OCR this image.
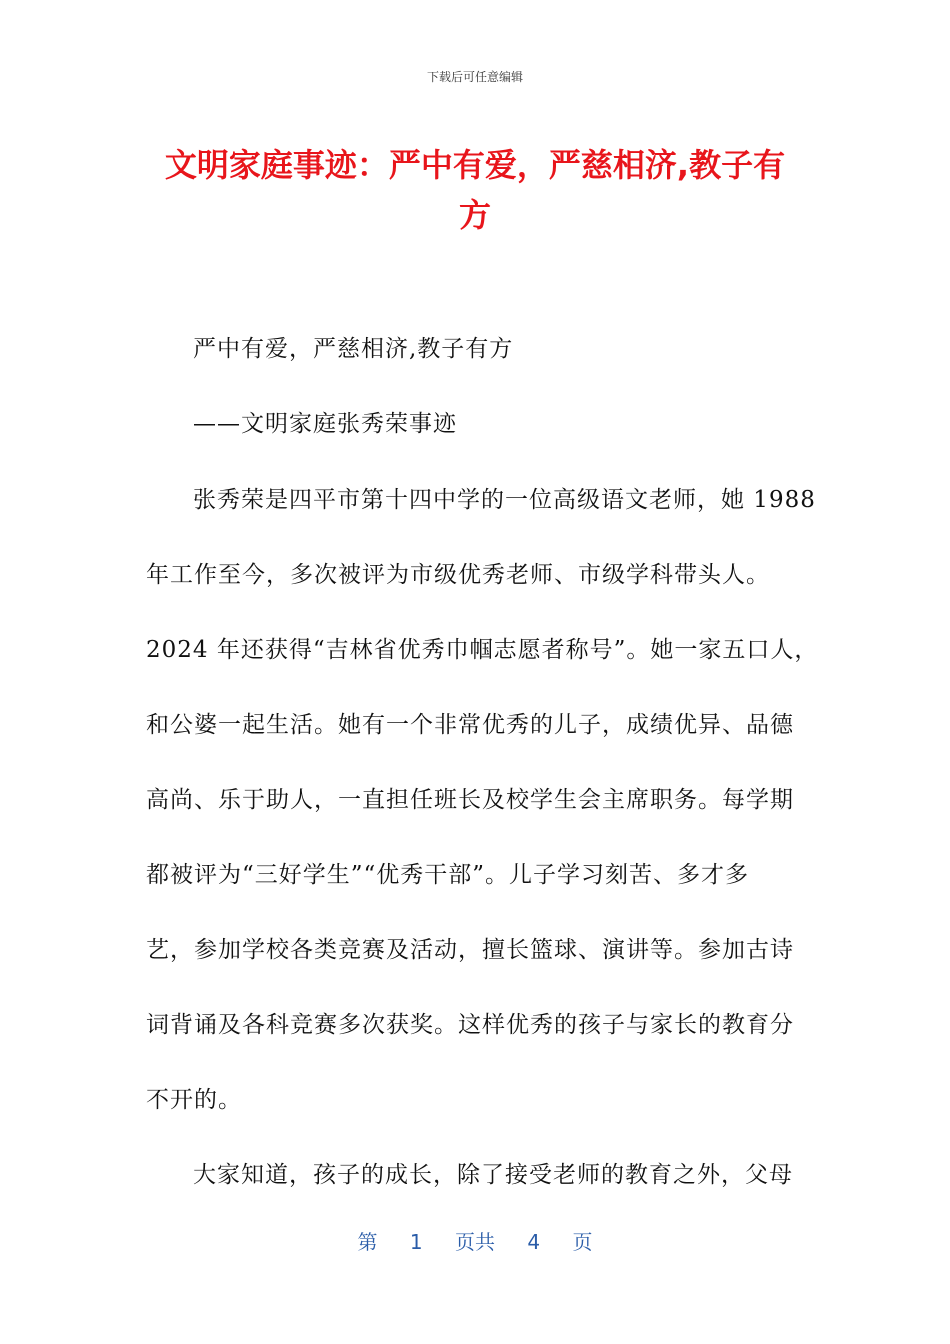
下载后可任意编辑
文明家庭事迹：严中有爱，严慈相济,教子有
方
严中有爱，严慈相济,教子有方
——文明家庭张秀荣事迹
张秀荣是四平市第十四中学的一位高级语文老师，她 1988
年工作至今，多次被评为市级优秀老师、市级学科带头人。
2024 年还获得“吉林省优秀巾帼志愿者称号”。她一家五口人，
和公婆一起生活。她有一个非常优秀的儿子，成绩优异、品德
高尚、乐于助人，一直担任班长及校学生会主席职务。每学期
都被评为“三好学生”“优秀干部”。儿子学习刻苦、多才多
艺，参加学校各类竞赛及活动，擅长篮球、演讲等。参加古诗
词背诵及各科竞赛多次获奖。这样优秀的孩子与家长的教育分
不开的。
大家知道，孩子的成长，除了接受老师的教育之外，父母
第 1 页共 4 页
